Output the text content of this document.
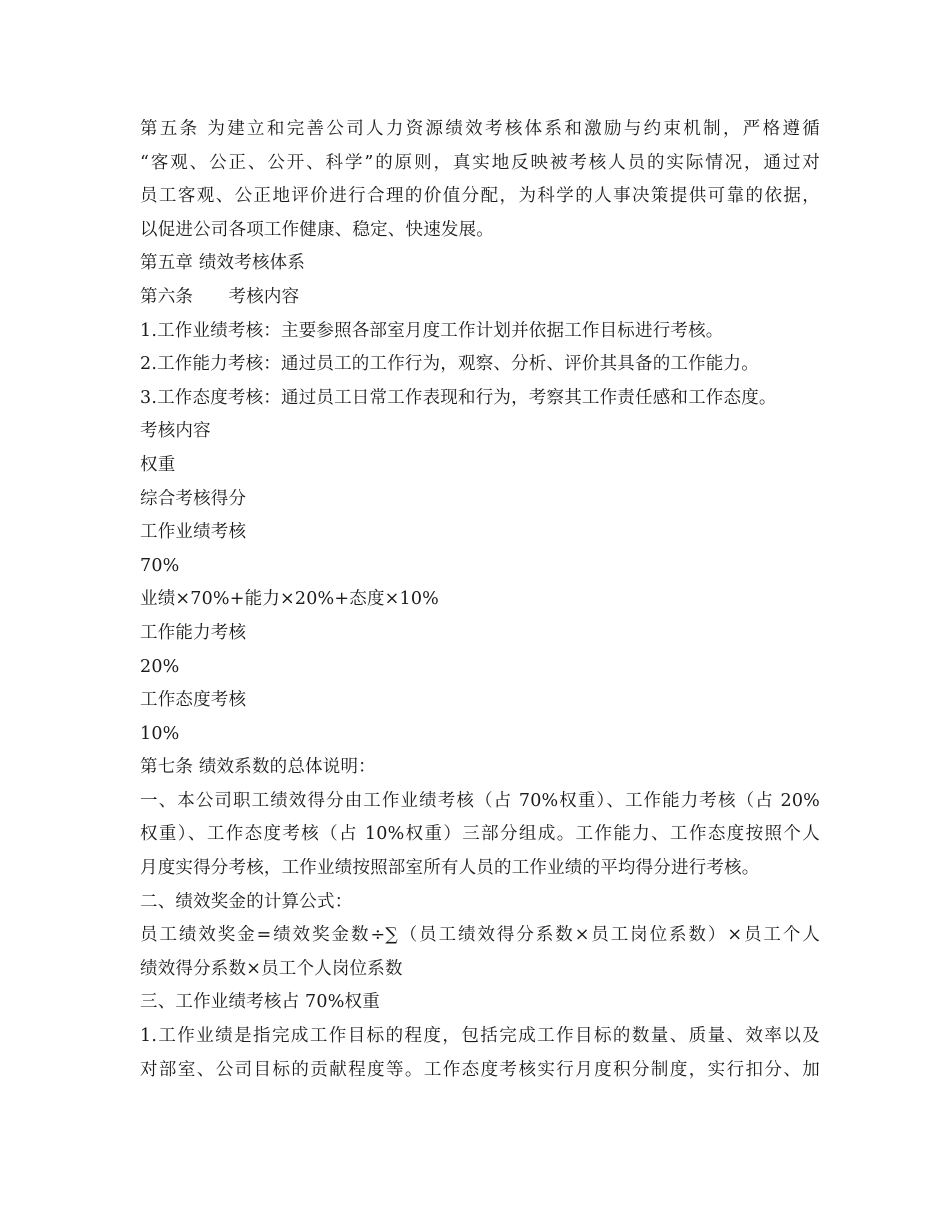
第五条 为建立和完善公司人力资源绩效考核体系和激励与约束机制，严格遵循
“客观、公正、公开、科学”的原则，真实地反映被考核人员的实际情况，通过对
员工客观、公正地评价进行合理的价值分配，为科学的人事决策提供可靠的依据，
以促进公司各项工作健康、稳定、快速发展。
第五章 绩效考核体系
第六条　　考核内容
1.工作业绩考核：主要参照各部室月度工作计划并依据工作目标进行考核。
2.工作能力考核：通过员工的工作行为，观察、分析、评价其具备的工作能力。
3.工作态度考核：通过员工日常工作表现和行为，考察其工作责任感和工作态度。
考核内容
权重
综合考核得分
工作业绩考核
70%
业绩×70%+能力×20%+态度×10%
工作能力考核
20%
工作态度考核
10%
第七条 绩效系数的总体说明：
一、本公司职工绩效得分由工作业绩考核（占 70%权重）、工作能力考核（占 20%
权重）、工作态度考核（占 10%权重）三部分组成。工作能力、工作态度按照个人
月度实得分考核，工作业绩按照部室所有人员的工作业绩的平均得分进行考核。
二、绩效奖金的计算公式：
员工绩效奖金=绩效奖金数÷∑（员工绩效得分系数×员工岗位系数）×员工个人
绩效得分系数×员工个人岗位系数
三、工作业绩考核占 70%权重
1.工作业绩是指完成工作目标的程度，包括完成工作目标的数量、质量、效率以及
对部室、公司目标的贡献程度等。工作态度考核实行月度积分制度，实行扣分、加
